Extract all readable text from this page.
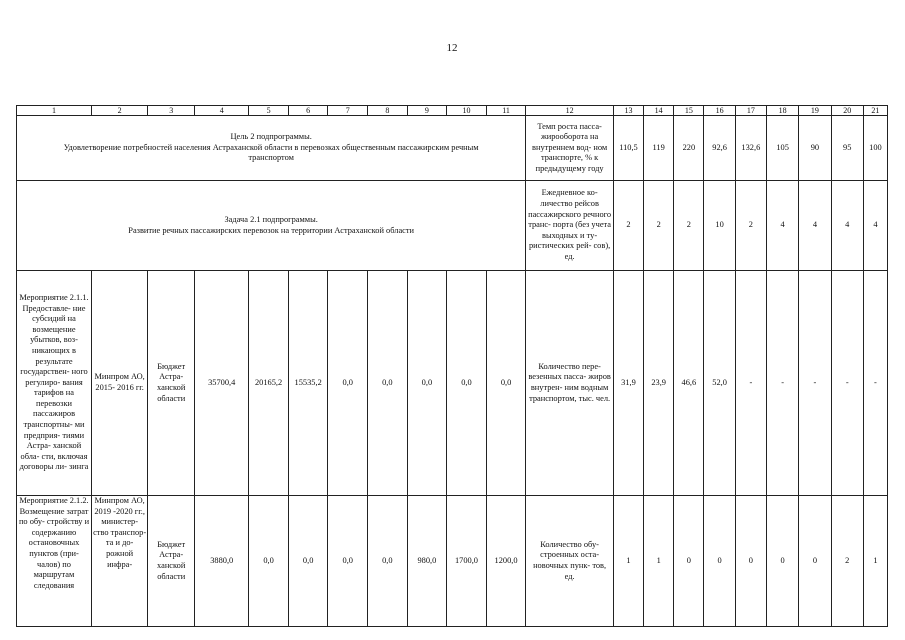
12
1	2	3	4	5	6	7	8	9	10	11	12	13	14	15	16	17	18	19	20	21

Цель 2 подпрограммы.
Удовлетворение потребностей населения Астраханской области в перевозках общественным пассажирским речным транспортом											Темп роста пасса- жирооборота на внутреннем вод- ном транспорте, % к предыдущему году	110,5	119	220	92,6	132,6	105	90	95	100

Задача 2.1 подпрограммы.
Развитие речных пассажирских перевозок на территории Астраханской области											Ежедневное ко- личество рейсов пассажирского речного транс- порта (без учета выходных и ту- ристических рей- сов), ед.	2	2	2	10	2	4	4	4	4
Мероприятие 2.1.1. Предоставле- ние субсидий на возмещение убытков, воз- никающих в результате государствен- ного регулиро- вания тарифов на перевозки пассажиров транспортны- ми предприя- тиями Астра- ханской обла- сти, включая договоры ли- зинга	Минпром АО, 2015- 2016 гг.	Бюджет Астра- ханской области	35700,4	20165,2	15535,2	0,0	0,0	0,0	0,0	0,0	Количество пере- везенных пасса- жиров внутрен- ним водным транспортом, тыс. чел.	31,9	23,9	46,6	52,0	-	-	-	-	-
Мероприятие 2.1.2. Возмещение затрат по обу- стройству и содержанию остановочных пунктов (при- чалов) по маршрутам следования	Минпром АО, 2019 -2020 гг., министер- ство транспор- та и до- рожной инфра-	Бюджет Астра- ханской области	3880,0	0,0	0,0	0,0	0,0	980,0	1700,0	1200,0	Количество обу- строенных оста- новочных пунк- тов, ед.	1	1	0	0	0	0	0	2	1
